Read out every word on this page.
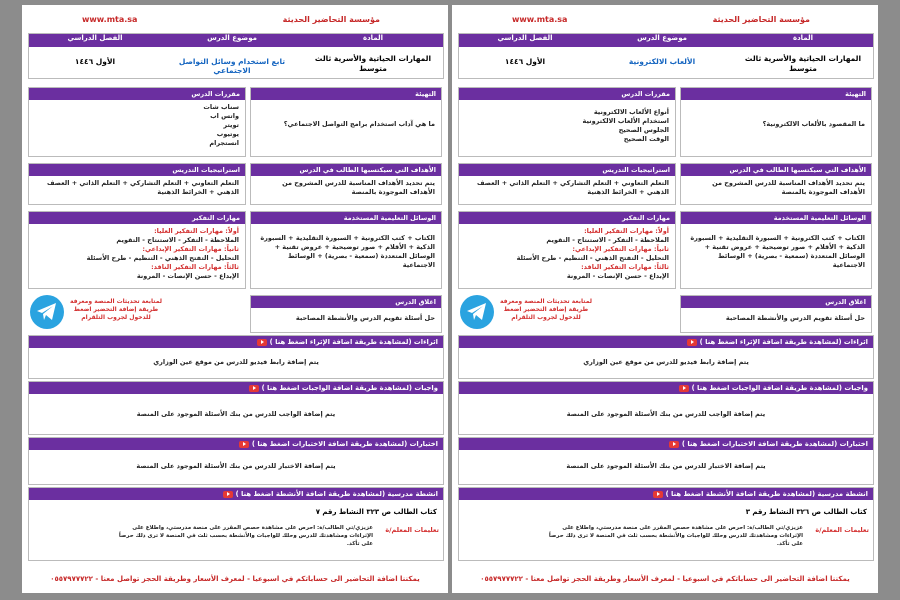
مؤسسة التحاضير الحديثة
www.mta.sa
المادة
موضوع الدرس
الفصل الدراسي
المهارات الحياتية والأسرية ثالث متوسط
تابع استخدام وسائل التواصل الاجتماعي
الأول ١٤٤٦
التهيئة
ما هي آداب استخدام برامج التواصل الاجتماعي؟
مقررات الدرس
سناب شات
واتس اب
تويتر
يوتيوب
انستجرام
الأهداف التي سيكتسبها الطالب في الدرس
يتم تحديد الأهداف المناسبة للدرس المشروح من الأهداف الموجودة بالمنصة
استراتيجيات التدريس
التعلم التعاوني + التعلم التشاركي + التعلم الذاتي + العصف الذهني + الخرائط الذهنية
الوسائل التعليمية المستخدمة
الكتاب + كتب الكترونية + السبورة التقليدية + السبورة الذكية + الأقلام + صور توضيحية + عروض تقنية + الوسائل المتعددة (سمعية - بصرية) + الوسائط الاجتماعية
مهارات التفكير
أولاً: مهارات التفكير العليا:
الملاحظة - التفكر - الاستنتاج - التقويم
ثانياً: مهارات التفكير الإبداعي:
التحليل - التفتح الذهني - التنظيم - طرح الأسئلة
ثالثاً: مهارات التفكير الناقد:
الإبداع - حسن الإنصات - المرونة
اغلاق الدرس
حل أسئلة تقويم الدرس والأنشطة المصاحبة
لمتابعة تحديثات المنصة ومعرفة طريقة إضافة التحضير اضغط للدخول لجروب التلقرام
اثراءات (لمشاهدة طريقة اضافة الإثراء اضغط هنا )
يتم إضافة رابط فيديو للدرس من موقع عين الوزاري
واجبات (لمشاهدة طريقة اضافة الواجبات اضغط هنا )
يتم إضافة الواجب للدرس من بنك الأسئلة الموجود على المنصة
اختبارات (لمشاهدة طريقة اضافة الاختبارات اضغط هنا )
يتم إضافة الاختبار للدرس من بنك الأسئلة الموجود على المنصة
انشطة مدرسية (لمشاهدة طريقة اضافة الأنشطة اضغط هنا )
كتاب الطالب ص ٣٢٣ النشاط رقم ٧
تعليمات المعلم/ة
عزيزي/تي الطالب/ة: احرص على مشاهدة حصص المقرر على منصة مدرستي، واطلاع على الإثراءات ومشاهدتك للدرس وحلك للواجبات والأنشطة بحسب ثلث في المنصة لا ترى ذلك حرصاً على تأكد.
يمكننا اضافة التحاضير الى حساباتكم في اسبوعيا - لمعرف الأسعار وطريقة الحجز تواصل معنا - ٠٥٥٧٩٧٧٧٢٢
مؤسسة التحاضير الحديثة
www.mta.sa
المادة
موضوع الدرس
الفصل الدراسي
المهارات الحياتية والأسرية ثالث متوسط
الألعاب الالكترونية
الأول ١٤٤٦
التهيئة
ما المقصود بالألعاب الالكترونية؟
مقررات الدرس
أنواع الألعاب الالكترونية
استخدام الألعاب الالكترونية
الجلوس الصحيح
الوقت الصحيح
الأهداف التي سيكتسبها الطالب في الدرس
يتم تحديد الأهداف المناسبة للدرس المشروح من الأهداف الموجودة بالمنصة
استراتيجيات التدريس
التعلم التعاوني + التعلم التشاركي + التعلم الذاتي + العصف الذهني + الخرائط الذهنية
الوسائل التعليمية المستخدمة
الكتاب + كتب الكترونية + السبورة التقليدية + السبورة الذكية + الأقلام + صور توضيحية + عروض تقنية + الوسائل المتعددة (سمعية - بصرية) + الوسائط الاجتماعية
مهارات التفكير
أولاً: مهارات التفكير العليا:
الملاحظة - التفكر - الاستنتاج - التقويم
ثانياً: مهارات التفكير الإبداعي:
التحليل - التفتح الذهني - التنظيم - طرح الأسئلة
ثالثاً: مهارات التفكير الناقد:
الإبداع - حسن الإنصات - المرونة
اغلاق الدرس
حل أسئلة تقويم الدرس والأنشطة المصاحبة
لمتابعة تحديثات المنصة ومعرفة طريقة إضافة التحضير اضغط للدخول لجروب التلقرام
اثراءات (لمشاهدة طريقة اضافة الإثراء اضغط هنا )
يتم إضافة رابط فيديو للدرس من موقع عين الوزاري
واجبات (لمشاهدة طريقة اضافة الواجبات اضغط هنا )
يتم إضافة الواجب للدرس من بنك الأسئلة الموجود على المنصة
اختبارات (لمشاهدة طريقة اضافة الاختبارات اضغط هنا )
يتم إضافة الاختبار للدرس من بنك الأسئلة الموجود على المنصة
انشطة مدرسية (لمشاهدة طريقة اضافة الأنشطة اضغط هنا )
كتاب الطالب ص ٣٢٦ النشاط رقم ٣
تعليمات المعلم/ة
عزيزي/تي الطالب/ة: احرص على مشاهدة حصص المقرر على منصة مدرستي، واطلاع على الإثراءات ومشاهدتك للدرس وحلك للواجبات والأنشطة بحسب ثلث في المنصة لا ترى ذلك حرصاً على تأكد.
يمكننا اضافة التحاضير الى حساباتكم في اسبوعيا - لمعرف الأسعار وطريقة الحجز تواصل معنا - ٠٥٥٧٩٧٧٧٢٢
